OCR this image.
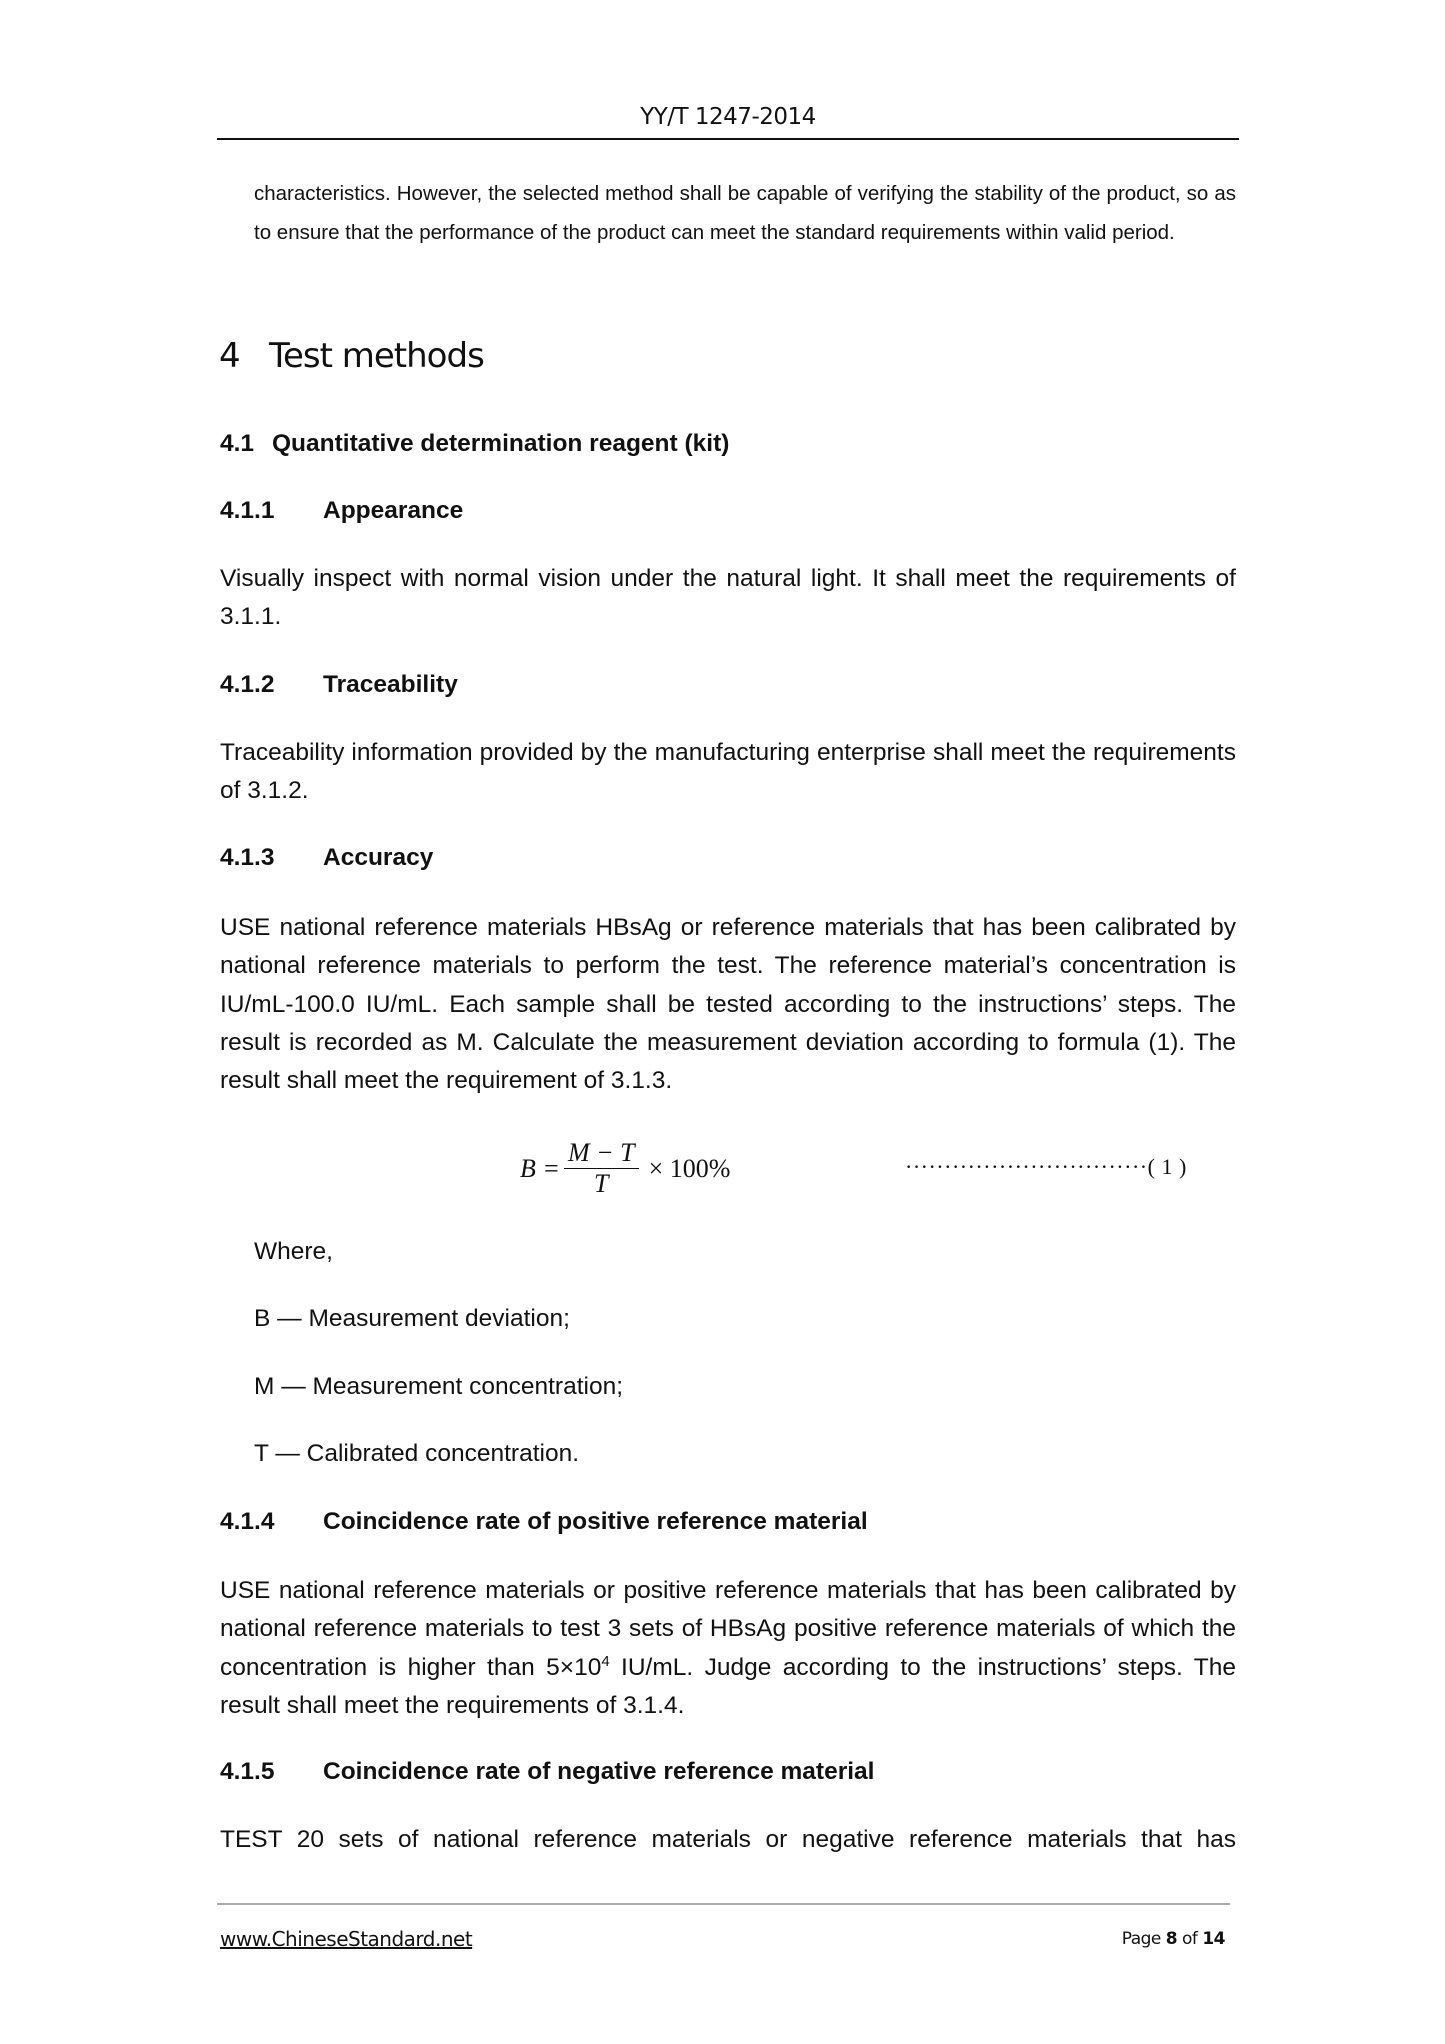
YY/T 1247-2014
characteristics. However, the selected method shall be capable of verifying the stability of the product, so as to ensure that the performance of the product can meet the standard requirements within valid period.
4 Test methods
4.1 Quantitative determination reagent (kit)
4.1.1 Appearance
Visually inspect with normal vision under the natural light. It shall meet the requirements of 3.1.1.
4.1.2 Traceability
Traceability information provided by the manufacturing enterprise shall meet the requirements of 3.1.2.
4.1.3 Accuracy
USE national reference materials HBsAg or reference materials that has been calibrated by national reference materials to perform the test. The reference material’s concentration is IU/mL-100.0 IU/mL. Each sample shall be tested according to the instructions’ steps. The result is recorded as M. Calculate the measurement deviation according to formula (1). The result shall meet the requirement of 3.1.3.
$B = \frac{M - T}{T} \times 100\%$	·······························( 1 )
Where,
B — Measurement deviation;
M — Measurement concentration;
T — Calibrated concentration.
4.1.4 Coincidence rate of positive reference material
USE national reference materials or positive reference materials that has been calibrated by national reference materials to test 3 sets of HBsAg positive reference materials of which the concentration is higher than $5\times 10^4$ IU/mL. Judge according to the instructions’ steps. The result shall meet the requirements of 3.1.4.
4.1.5 Coincidence rate of negative reference material
TEST 20 sets of national reference materials or negative reference materials that has
www.ChineseStandard.net	Page 8 of 14
